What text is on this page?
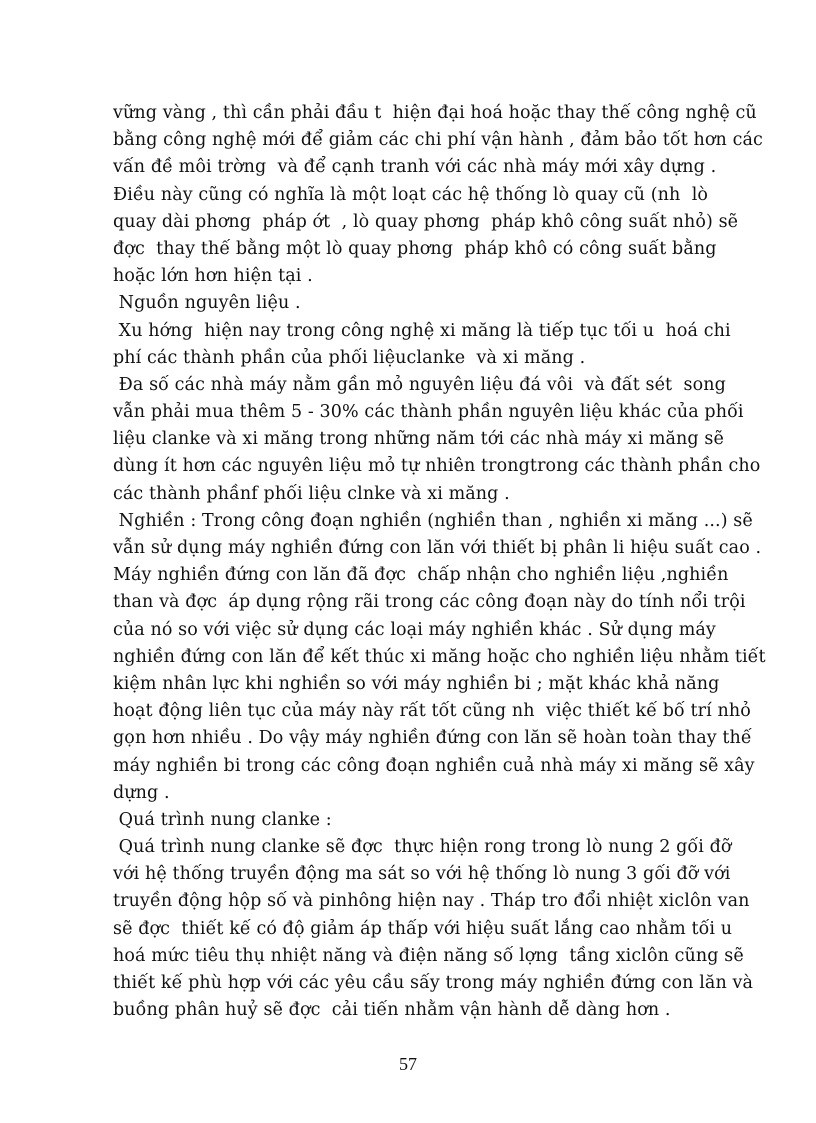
vững vàng , thì cần phải đầu t  hiện đại hoá hoặc thay thế công nghệ cũ
bằng công nghệ mới để giảm các chi phí vận hành , đảm bảo tốt hơn các
vấn đề môi trờng  và để cạnh tranh với các nhà máy mới xây dựng .
Điều này cũng có nghĩa là một loạt các hệ thống lò quay cũ (nh  lò
quay dài phơng  pháp ớt  , lò quay phơng  pháp khô công suất nhỏ) sẽ
đợc  thay thế bằng một lò quay phơng  pháp khô có công suất bằng
hoặc lớn hơn hiện tại .
Nguồn nguyên liệu .
Xu hớng  hiện nay trong công nghệ xi măng là tiếp tục tối u  hoá chi
phí các thành phần của phối liệuclanke  và xi măng .
Đa số các nhà máy nằm gần mỏ nguyên liệu đá vôi  và đất sét  song
vẫn phải mua thêm 5 - 30% các thành phần nguyên liệu khác của phối
liệu clanke và xi măng trong những năm tới các nhà máy xi măng sẽ
dùng ít hơn các nguyên liệu mỏ tự nhiên trongtrong các thành phần cho
các thành phầnf phối liệu clnke và xi măng .
Nghiền : Trong công đoạn nghiền (nghiền than , nghiền xi măng ...) sẽ
vẫn sử dụng máy nghiền đứng con lăn với thiết bị phân li hiệu suất cao .
Máy nghiền đứng con lăn đã đợc  chấp nhận cho nghiền liệu ,nghiền
than và đợc  áp dụng rộng rãi trong các công đoạn này do tính nổi trội
của nó so với việc sử dụng các loại máy nghiền khác . Sử dụng máy
nghiền đứng con lăn để kết thúc xi măng hoặc cho nghiền liệu nhằm tiết
kiệm nhân lực khi nghiền so với máy nghiền bi ; mặt khác khả năng
hoạt động liên tục của máy này rất tốt cũng nh  việc thiết kế bố trí nhỏ
gọn hơn nhiều . Do vậy máy nghiền đứng con lăn sẽ hoàn toàn thay thế
máy nghiền bi trong các công đoạn nghiền cuả nhà máy xi măng sẽ xây
dựng .
Quá trình nung clanke :
Quá trình nung clanke sẽ đợc  thực hiện rong trong lò nung 2 gối đỡ
với hệ thống truyền động ma sát so với hệ thống lò nung 3 gối đỡ với
truyền động hộp số và pinhông hiện nay . Tháp tro đổi nhiệt xiclôn van
sẽ đợc  thiết kế có độ giảm áp thấp với hiệu suất lắng cao nhằm tối u
hoá mức tiêu thụ nhiệt năng và điện năng số lợng  tầng xiclôn cũng sẽ
thiết kế phù hợp với các yêu cầu sấy trong máy nghiền đứng con lăn và
buồng phân huỷ sẽ đợc  cải tiến nhằm vận hành dễ dàng hơn .
57
